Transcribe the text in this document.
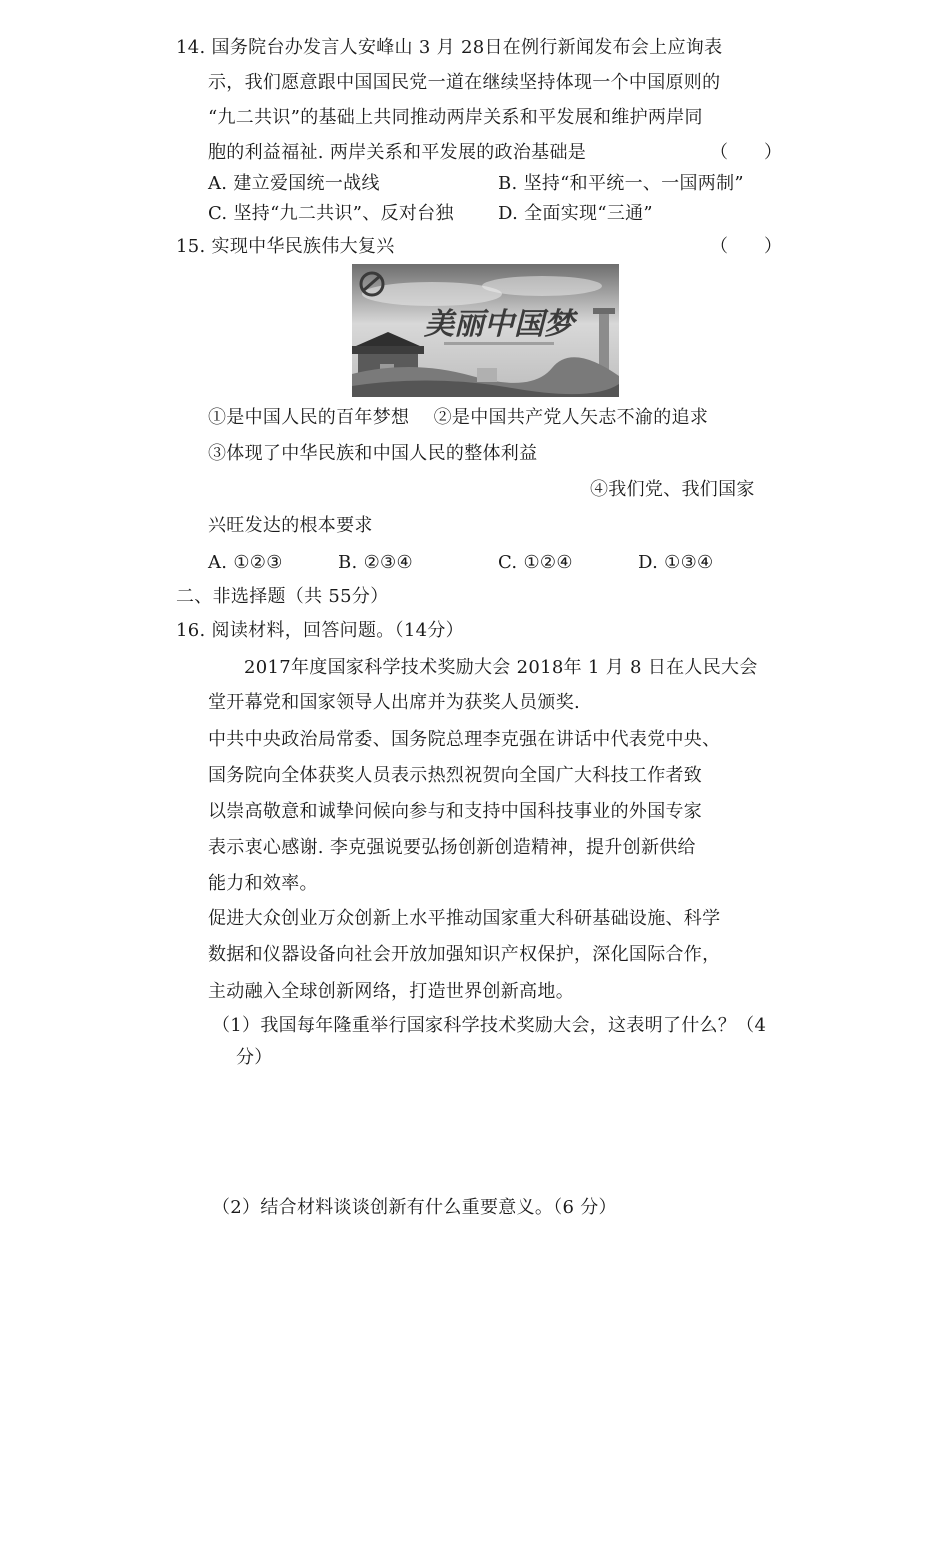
14. 国务院台办发言人安峰山 3 月 28日在例行新闻发布会上应询表
示，我们愿意跟中国国民党一道在继续坚持体现一个中国原则的
“九二共识”的基础上共同推动两岸关系和平发展和维护两岸同
胞的利益福祉. 两岸关系和平发展的政治基础是	（　　）
A. 建立爱国统一战线	B. 坚持“和平统一、一国两制”
C. 坚持“九二共识”、反对台独 D. 全面实现“三通”
15. 实现中华民族伟大复兴	（　　）
美丽中国梦
①是中国人民的百年梦想　 ②是中国共产党人矢志不渝的追求
③体现了中华民族和中国人民的整体利益
④我们党、我们国家
兴旺发达的根本要求
A. ①②③	B. ②③④	C. ①②④	D. ①③④
二、非选择题（共 55分）
16. 阅读材料，回答问题。（14分）
2017年度国家科学技术奖励大会 2018年 1 月 8 日在人民大会
堂开幕党和国家领导人出席并为获奖人员颁奖.
中共中央政治局常委、国务院总理李克强在讲话中代表党中央、
国务院向全体获奖人员表示热烈祝贺向全国广大科技工作者致
以崇高敬意和诚挚问候向参与和支持中国科技事业的外国专家
表示衷心感谢. 李克强说要弘扬创新创造精神，提升创新供给
能力和效率。
促进大众创业万众创新上水平推动国家重大科研基础设施、科学
数据和仪器设备向社会开放加强知识产权保护，深化国际合作，
主动融入全球创新网络，打造世界创新高地。
（1）我国每年隆重举行国家科学技术奖励大会，这表明了什么？（4
分）
（2）结合材料谈谈创新有什么重要意义。（6 分）
